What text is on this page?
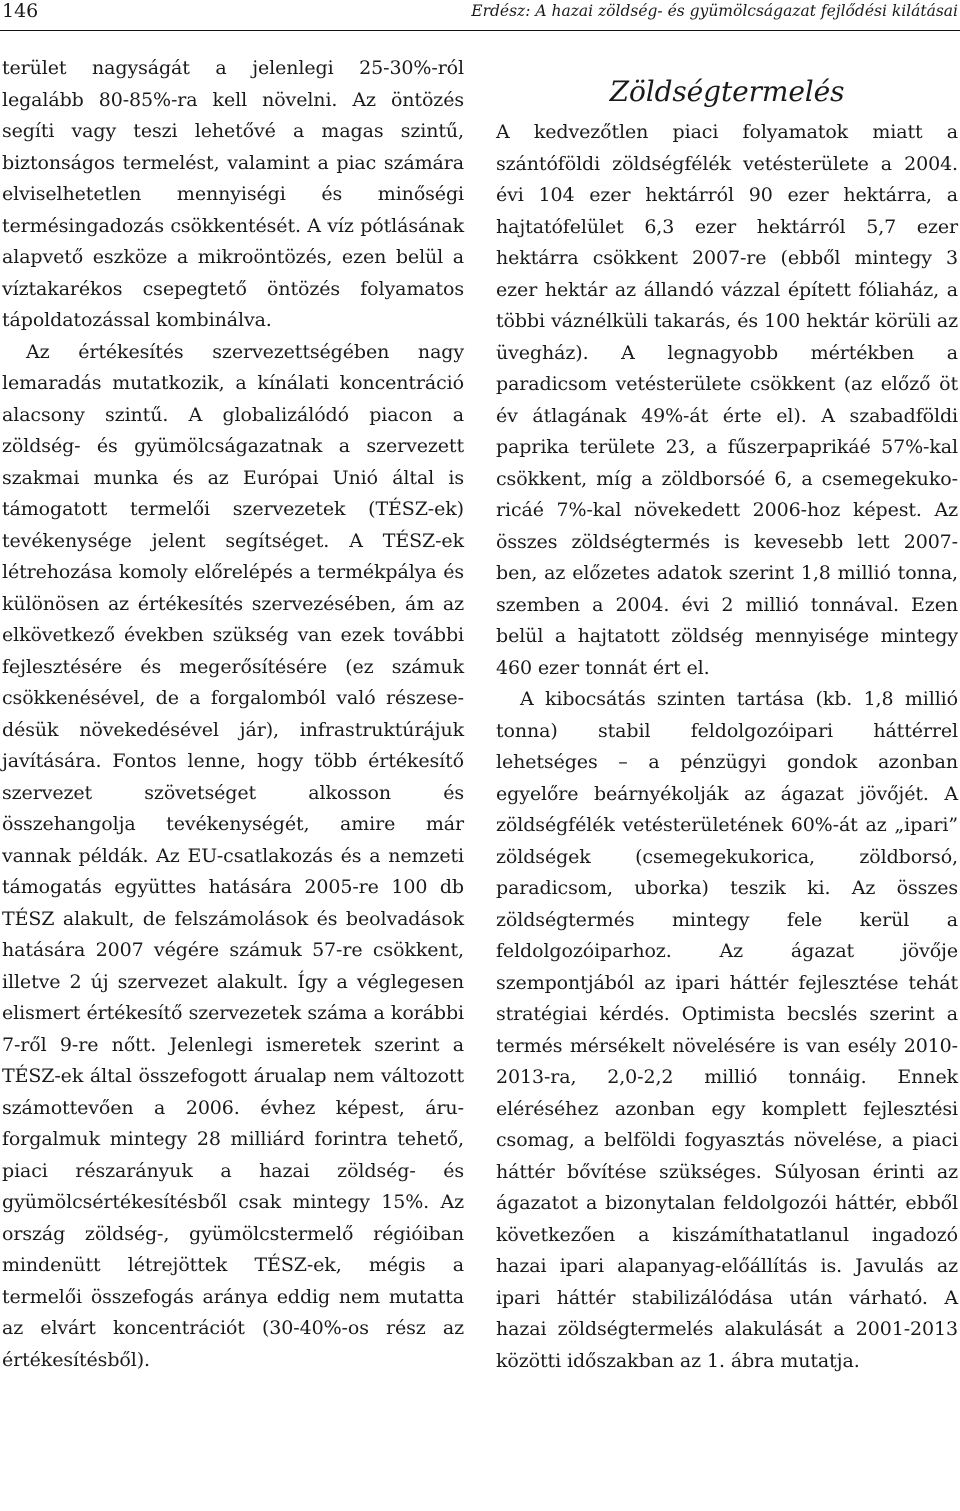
146	Erdész: A hazai zöldség- és gyümölcságazat fejlődési kilátásai

terület nagyságát a jelenlegi 25-30%-ról legalább 80-85%-ra kell növelni. Az öntözés segíti vagy teszi lehetővé a magas szintű, biztonságos termelést, valamint a piac számára elviselhetetlen mennyiségi és minőségi termésingadozás csökkentését. A víz pótlásának alapvető eszköze a mikroöntözés, ezen belül a víztakarékos csepegtető öntözés folyamatos tápoldatozással kombinálva.

Az értékesítés szervezettségében nagy lemaradás mutatkozik, a kínálati koncentráció alacsony szintű. A globalizálódó piacon a zöldség- és gyümölcságazatnak a szervezett szakmai munka és az Európai Unió által is támogatott termelői szervezetek (TÉSZ-ek) tevékenysége jelent segítséget. A TÉSZ-ek létrehozása komoly előrelépés a termékpálya és különösen az értékesítés szervezésében, ám az elkövetkező években szükség van ezek további fejlesztésére és megerősítésére (ez számuk csökkenésével, de a forgalomból való részesedésük növekedésével jár), infrastruktúrájuk javítására. Fontos lenne, hogy több értékesítő szervezet szövetséget alkosson és összehangolja tevékenységét, amire már vannak példák. Az EU-csatlakozás és a nemzeti támogatás együttes hatására 2005-re 100 db TÉSZ alakult, de felszámolások és beolvadások hatására 2007 végére számuk 57-re csökkent, illetve 2 új szervezet alakult. Így a véglegesen elismert értékesítő szervezetek száma a korábbi 7-ről 9-re nőtt. Jelenlegi ismeretek szerint a TÉSZ-ek által összefogott árualap nem változott számottevően a 2006. évhez képest, áruforgalmuk mintegy 28 milliárd forintra tehető, piaci részarányuk a hazai zöldség- és gyümölcsértékesítésből csak mintegy 15%. Az ország zöldség-, gyümölcstermelő régióiban mindenütt létrejöttek TÉSZ-ek, mégis a termelői összefogás aránya eddig nem mutatta az elvárt koncentrációt (30-40%-os rész az értékesítésből).

Zöldségtermelés

A kedvezőtlen piaci folyamatok miatt a szántóföldi zöldségfélék vetésterülete a 2004. évi 104 ezer hektárról 90 ezer hektárra, a hajtatófelület 6,3 ezer hektárról 5,7 ezer hektárra csökkent 2007-re (ebből mintegy 3 ezer hektár az állandó vázzal épített fóliaház, a többi váznélküli takarás, és 100 hektár körüli az üvegház). A legnagyobb mértékben a paradicsom vetésterülete csökkent (az előző öt év átlagának 49%-át érte el). A szabadföldi paprika területe 23, a fűszerpaprikáé 57%-kal csökkent, míg a zöldborsóé 6, a csemegekukoricáé 7%-kal növekedett 2006-hoz képest. Az összes zöldségtermés is kevesebb lett 2007-ben, az előzetes adatok szerint 1,8 millió tonna, szemben a 2004. évi 2 millió tonnával. Ezen belül a hajtatott zöldség mennyisége mintegy 460 ezer tonnát ért el.

A kibocsátás szinten tartása (kb. 1,8 millió tonna) stabil feldolgozóipari háttérrel lehetséges – a pénzügyi gondok azonban egyelőre beárnyékolják az ágazat jövőjét. A zöldségfélék vetésterületének 60%-át az „ipari” zöldségek (csemegekukorica, zöldborsó, paradicsom, uborka) teszik ki. Az összes zöldségtermés mintegy fele kerül a feldolgozóiparhoz. Az ágazat jövője szempontjából az ipari háttér fejlesztése tehát stratégiai kérdés. Optimista becslés szerint a termés mérsékelt növelésére is van esély 2010-2013-ra, 2,0-2,2 millió tonnáig. Ennek eléréséhez azonban egy komplett fejlesztési csomag, a belföldi fogyasztás növelése, a piaci háttér bővítése szükséges. Súlyosan érinti az ágazatot a bizonytalan feldolgozói háttér, ebből következően a kiszámíthatatlanul ingadozó hazai ipari alapanyag-előállítás is. Javulás az ipari háttér stabilizálódása után várható. A hazai zöldségtermelés alakulását a 2001-2013 közötti időszakban az 1. ábra mutatja.
